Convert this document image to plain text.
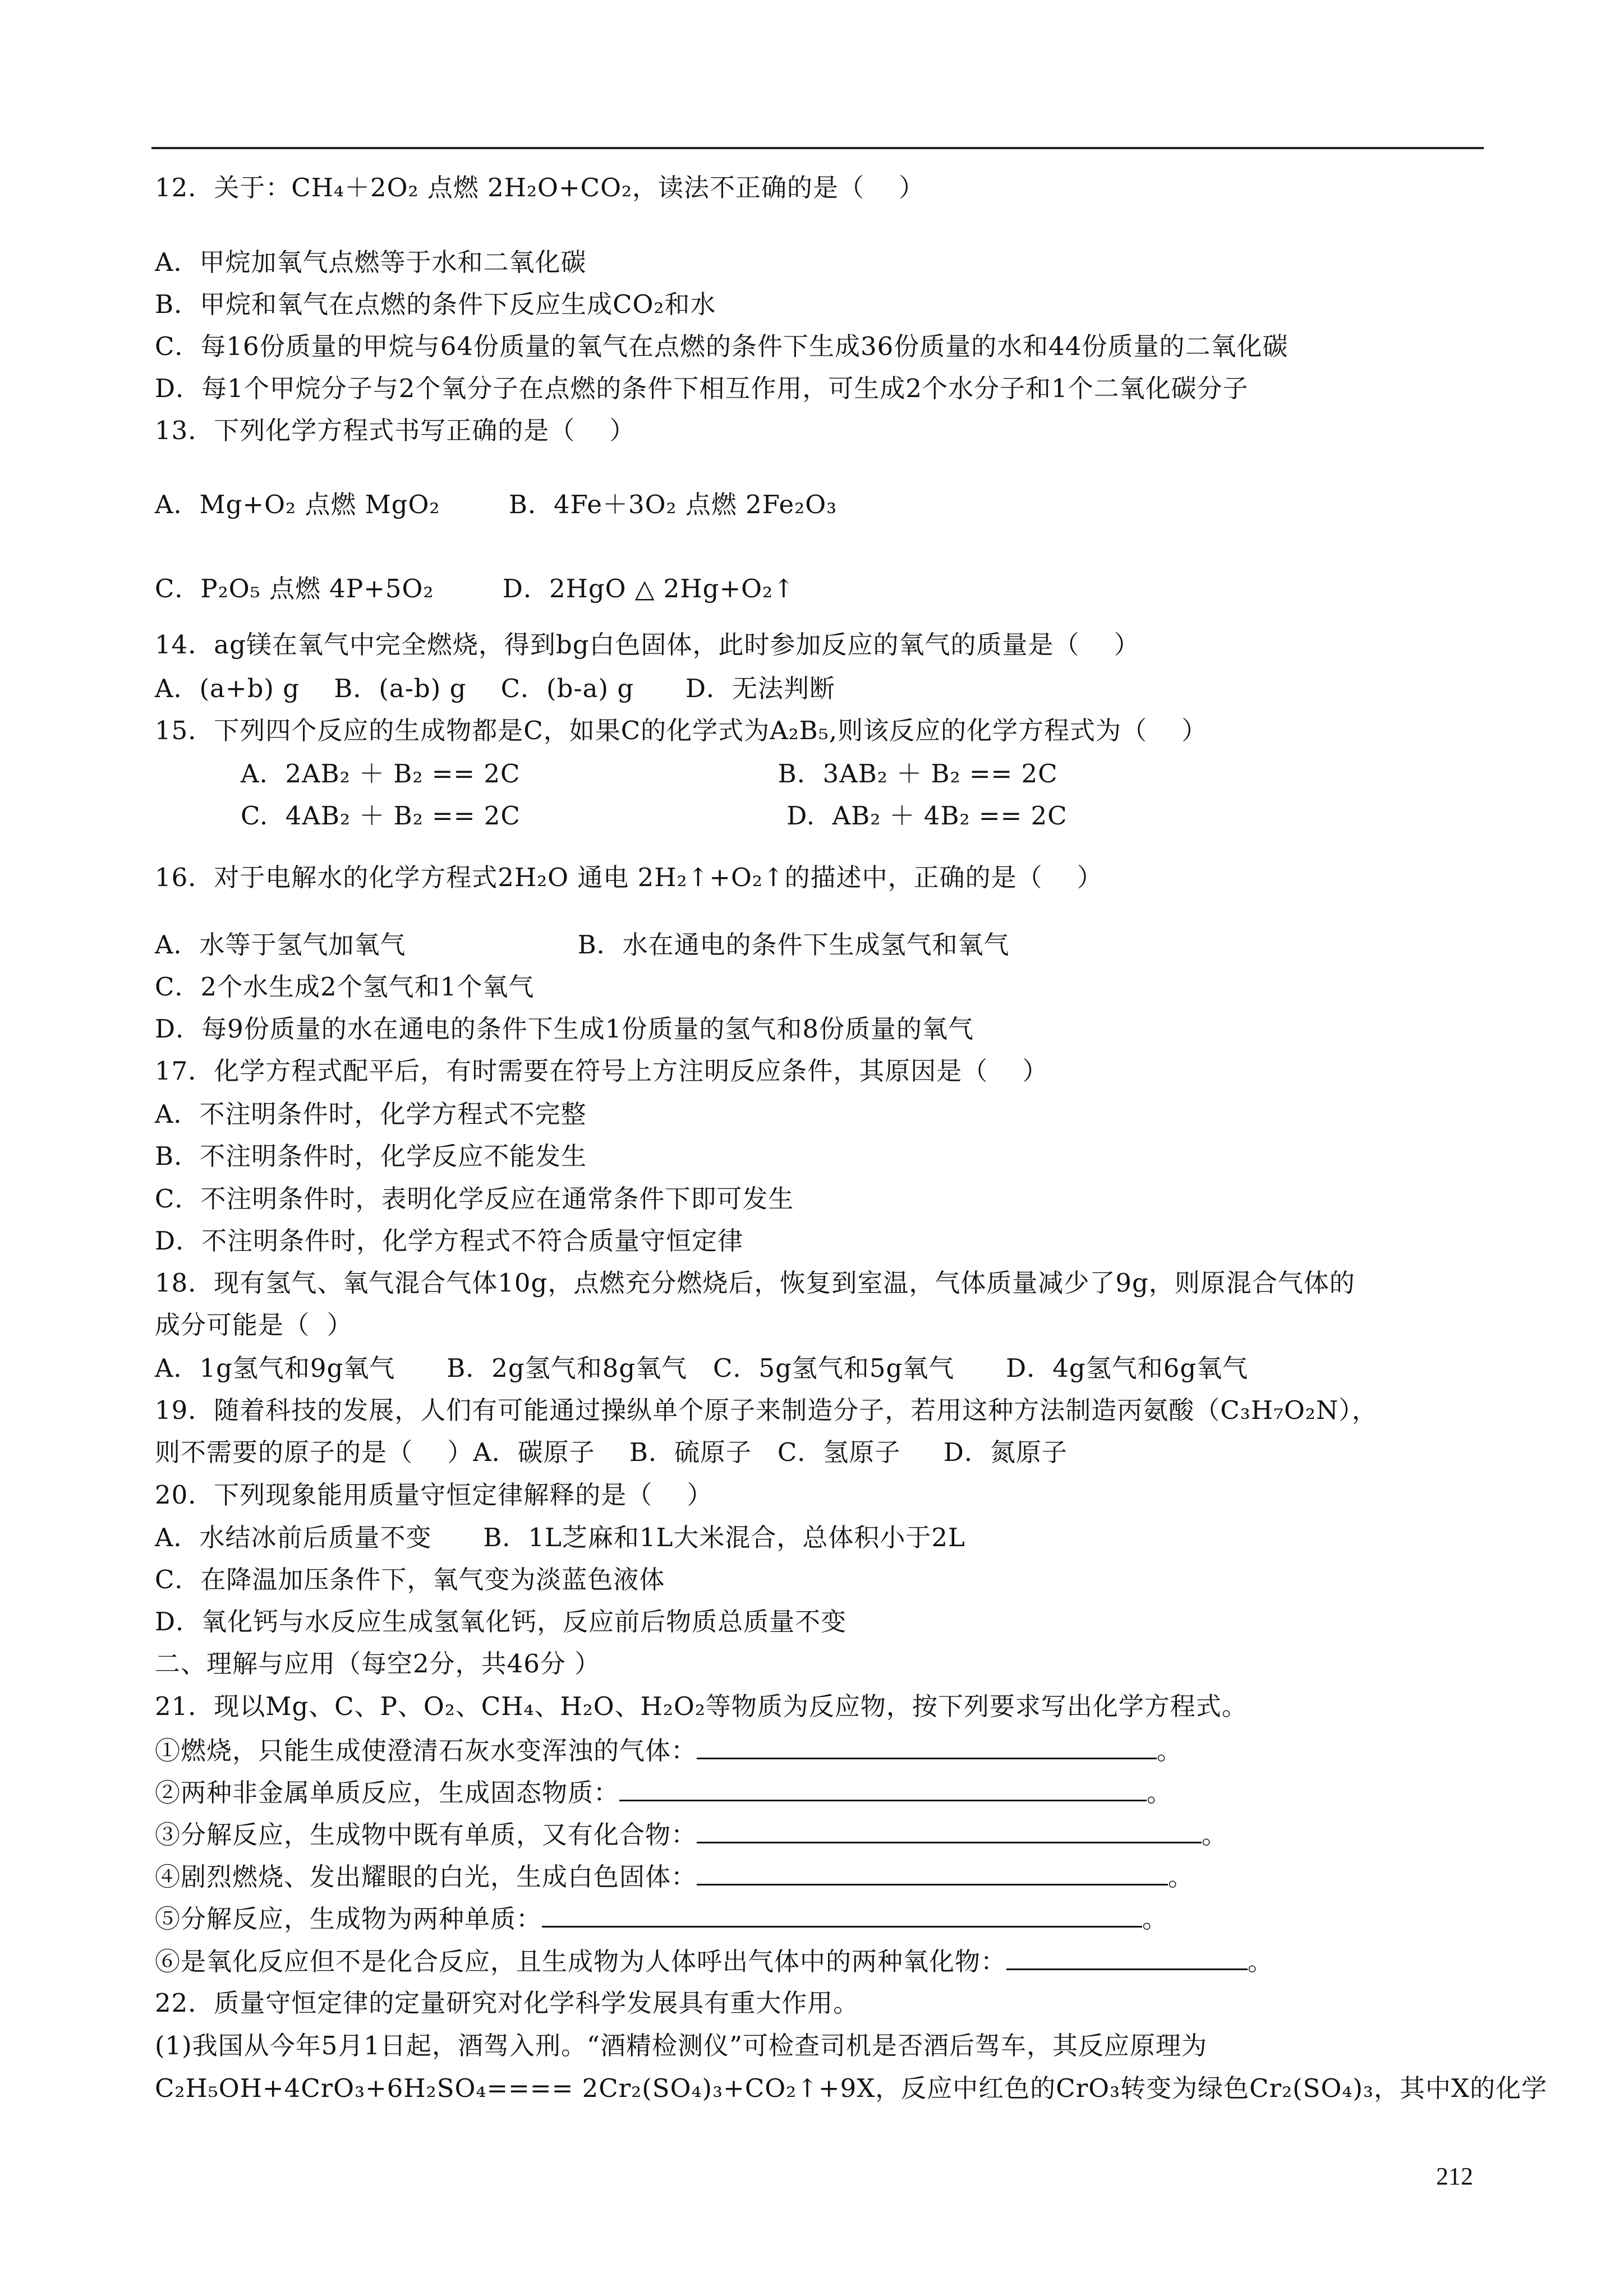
12．关于：CH₄＋2O₂ 点燃 2H₂O+CO₂，读法不正确的是（    ）
A．甲烷加氧气点燃等于水和二氧化碳
B．甲烷和氧气在点燃的条件下反应生成CO₂和水
C．每16份质量的甲烷与64份质量的氧气在点燃的条件下生成36份质量的水和44份质量的二氧化碳
D．每1个甲烷分子与2个氧分子在点燃的条件下相互作用，可生成2个水分子和1个二氧化碳分子
13．下列化学方程式书写正确的是（    ）
A．Mg+O₂ 点燃 MgO₂        B．4Fe＋3O₂ 点燃 2Fe₂O₃
C．P₂O₅ 点燃 4P+5O₂        D．2HgO △ 2Hg+O₂↑
14．ag镁在氧气中完全燃烧，得到bg白色固体，此时参加反应的氧气的质量是（    ）
A．(a+b) g    B．(a-b) g    C．(b-a) g      D．无法判断
15．下列四个反应的生成物都是C，如果C的化学式为A₂B₅,则该反应的化学方程式为（    ）
A.  2AB₂ ＋ B₂ == 2C                              B.  3AB₂ ＋ B₂ == 2C
C.  4AB₂ ＋ B₂ == 2C                               D.  AB₂ ＋ 4B₂ == 2C
16．对于电解水的化学方程式2H₂O 通电 2H₂↑+O₂↑的描述中，正确的是（    ）
A．水等于氢气加氧气                    B．水在通电的条件下生成氢气和氧气
C．2个水生成2个氢气和1个氧气
D．每9份质量的水在通电的条件下生成1份质量的氢气和8份质量的氧气
17．化学方程式配平后，有时需要在符号上方注明反应条件，其原因是（    ）
A．不注明条件时，化学方程式不完整
B．不注明条件时，化学反应不能发生
C．不注明条件时，表明化学反应在通常条件下即可发生
D．不注明条件时，化学方程式不符合质量守恒定律
18．现有氢气、氧气混合气体10g，点燃充分燃烧后，恢复到室温，气体质量减少了9g，则原混合气体的
成分可能是（  ）
A．1g氢气和9g氧气      B．2g氢气和8g氧气   C．5g氢气和5g氧气      D．4g氢气和6g氧气
19．随着科技的发展，人们有可能通过操纵单个原子来制造分子，若用这种方法制造丙氨酸（C₃H₇O₂N），
则不需要的原子的是（    ）A．碳原子    B．硫原子   C．氢原子     D．氮原子
20．下列现象能用质量守恒定律解释的是（    ）
A．水结冰前后质量不变      B．1L芝麻和1L大米混合，总体积小于2L
C．在降温加压条件下，氧气变为淡蓝色液体
D．氧化钙与水反应生成氢氧化钙，反应前后物质总质量不变
二、理解与应用（每空2分，共46分 ）
21．现以Mg、C、P、O₂、CH₄、H₂O、H₂O₂等物质为反应物，按下列要求写出化学方程式。
①燃烧，只能生成使澄清石灰水变浑浊的气体：	。
②两种非金属单质反应，生成固态物质：	。
③分解反应，生成物中既有单质，又有化合物：	。
④剧烈燃烧、发出耀眼的白光，生成白色固体：	。
⑤分解反应，生成物为两种单质：	。
⑥是氧化反应但不是化合反应，且生成物为人体呼出气体中的两种氧化物：	。
22．质量守恒定律的定量研究对化学科学发展具有重大作用。
(1)我国从今年5月1日起，酒驾入刑。“酒精检测仪”可检查司机是否酒后驾车，其反应原理为
C₂H₅OH+4CrO₃+6H₂SO₄==== 2Cr₂(SO₄)₃+CO₂↑+9X，反应中红色的CrO₃转变为绿色Cr₂(SO₄)₃，其中X的化学
212
